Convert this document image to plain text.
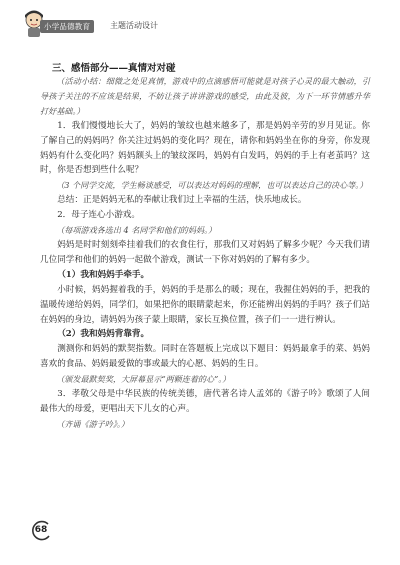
小学品德教育	主题活动设计
三、感悟部分——真情对对碰

（活动小结：细微之处见真情，游戏中的点滴感悟可能就是对孩子心灵的最大触动，引导孩子关注的不应该是结果，不妨让孩子讲讲游戏的感受，由此及彼，为下一环节情感升华打好基础。）

1．我们慢慢地长大了，妈妈的皱纹也越来越多了，那是妈妈辛劳的岁月见证。你了解自己的妈妈吗？你关注过妈妈的变化吗？现在，请你和妈妈坐在你的身旁，你发现妈妈有什么变化吗？妈妈额头上的皱纹深吗，妈妈有白发吗，妈妈的手上有老茧吗？这时，你是否想到些什么呢？

（3 个同学交流，学生畅谈感受，可以表达对妈妈的理解，也可以表达自己的决心等。）

总结：正是妈妈无私的奉献让我们过上幸福的生活，快乐地成长。

2．母子连心小游戏。

（每项游戏各选出 4 名同学和他们的妈妈。）

妈妈是时时刻刻牵挂着我们的衣食住行，那我们又对妈妈了解多少呢？今天我们请几位同学和他们的妈妈一起做个游戏，测试一下你对妈妈的了解有多少。

（1）我和妈妈手牵手。

小时候，妈妈握着我的手，妈妈的手是那么的暖；现在，我握住妈妈的手，把我的温暖传递给妈妈，同学们，如果把你的眼睛蒙起来，你还能辨出妈妈的手吗？孩子们站在妈妈的身边，请妈妈为孩子蒙上眼睛，家长互换位置，孩子们一一进行辨认。

（2）我和妈妈背靠背。

测测你和妈妈的默契指数。同时在答题板上完成以下题目：妈妈最拿手的菜、妈妈喜欢的食品、妈妈最爱做的事或最大的心愿、妈妈的生日。

（颁发最默契奖，大屏幕显示“两颗连着的心”。）

3．孝敬父母是中华民族的传统美德，唐代著名诗人孟郊的《游子吟》歌颂了人间最伟大的母爱，更唱出天下儿女的心声。

（齐诵《游子吟》。）

68
